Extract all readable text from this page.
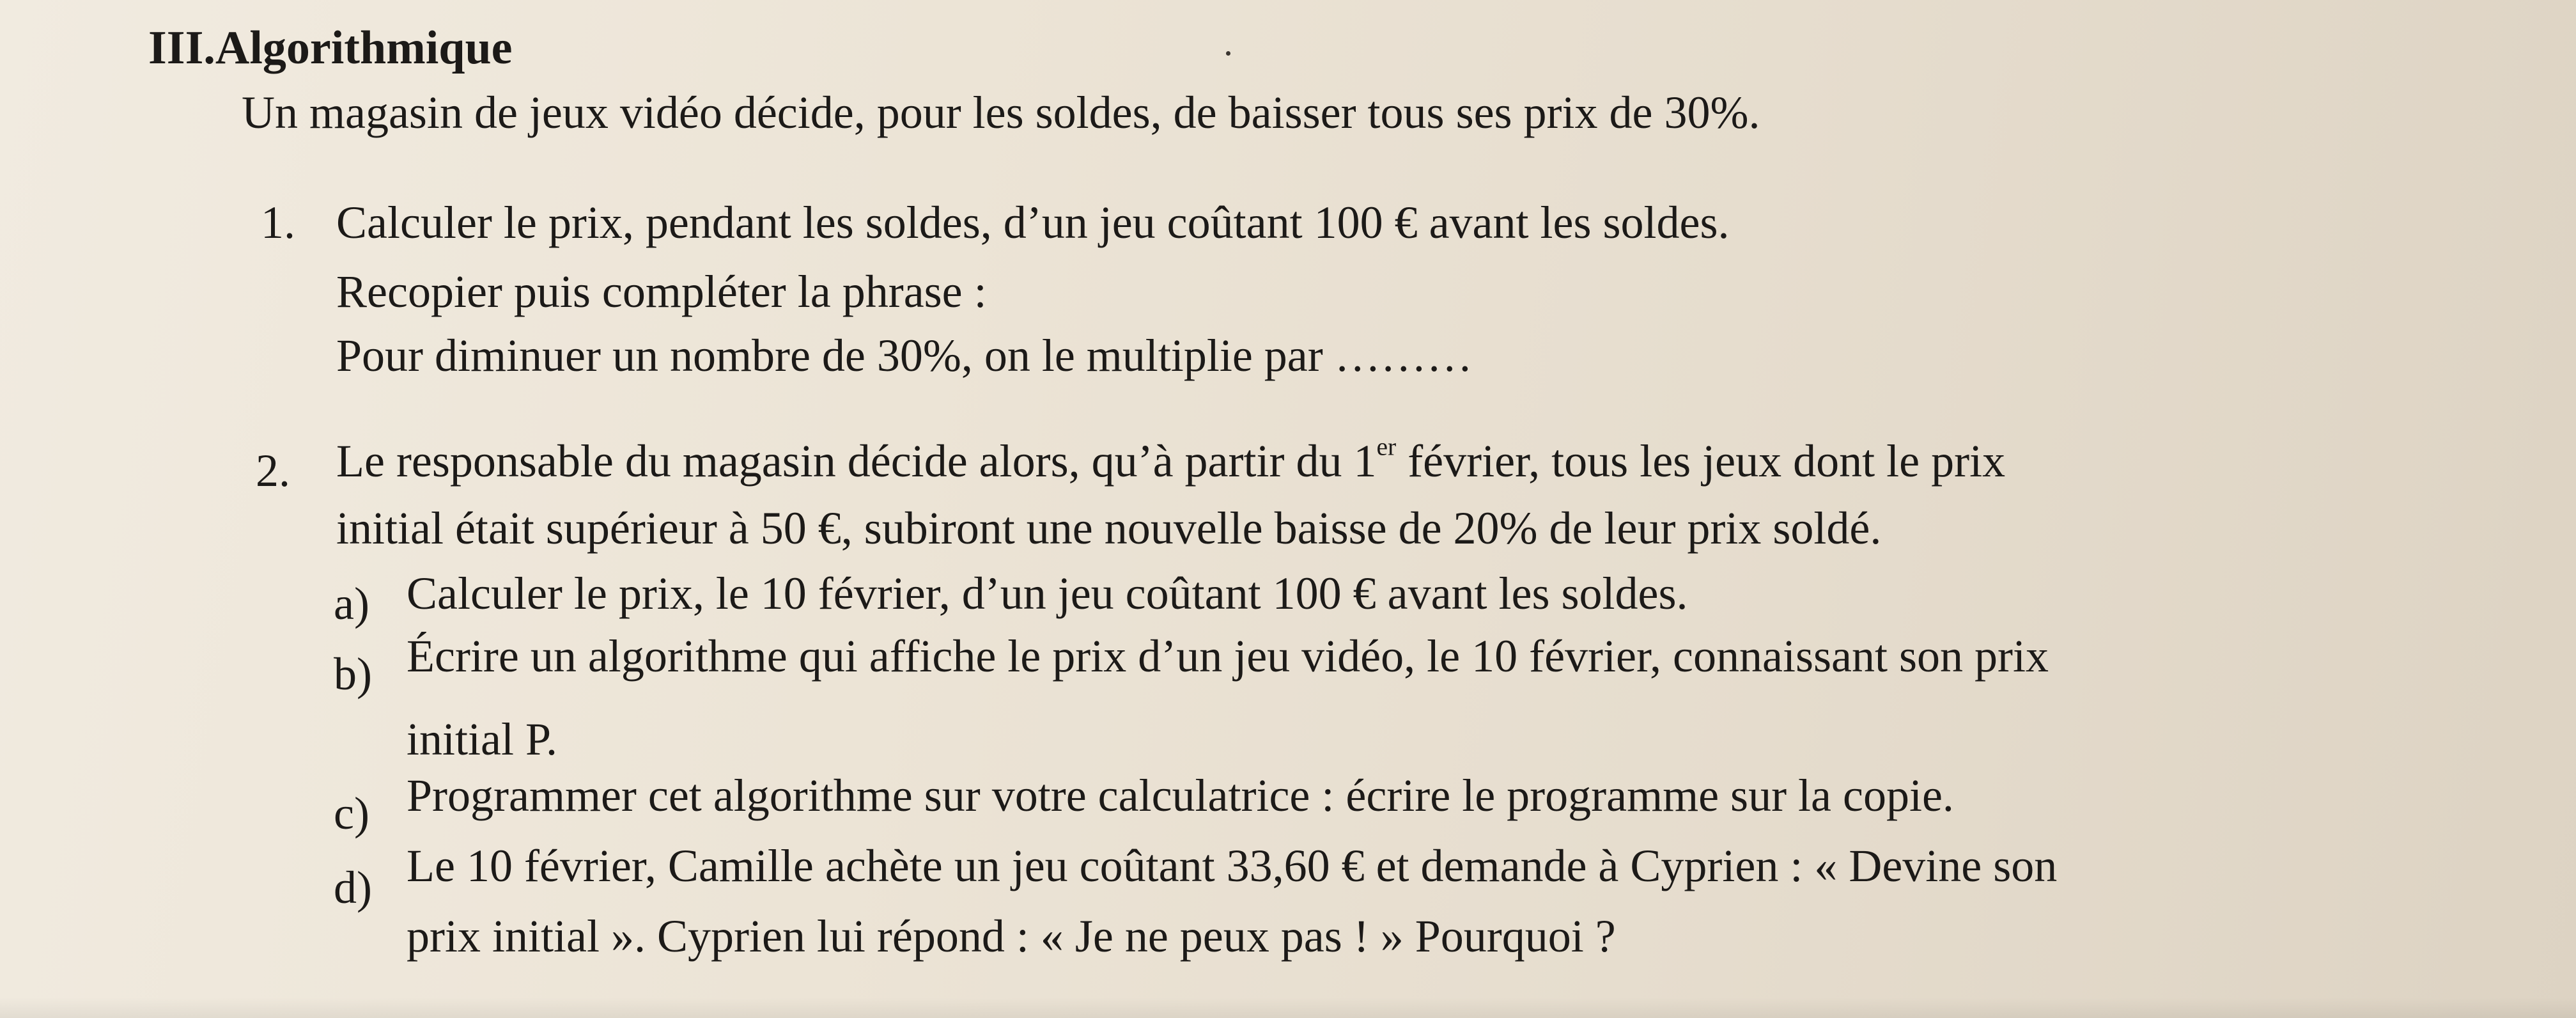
III.Algorithmique
Un magasin de jeux vidéo décide, pour les soldes, de baisser tous ses prix de 30%.
1. Calculer le prix, pendant les soldes, d’un jeu coûtant 100 € avant les soldes.
Recopier puis compléter la phrase :
Pour diminuer un nombre de 30%, on le multiplie par ………
2. Le responsable du magasin décide alors, qu’à partir du 1er février, tous les jeux dont le prix
initial était supérieur à 50 €, subiront une nouvelle baisse de 20% de leur prix soldé.
a) Calculer le prix, le 10 février, d’un jeu coûtant 100 € avant les soldes.
b) Écrire un algorithme qui affiche le prix d’un jeu vidéo, le 10 février, connaissant son prix
initial P.
c) Programmer cet algorithme sur votre calculatrice : écrire le programme sur la copie.
d) Le 10 février, Camille achète un jeu coûtant 33,60 € et demande à Cyprien : « Devine son
prix initial ». Cyprien lui répond : « Je ne peux pas ! » Pourquoi ?
